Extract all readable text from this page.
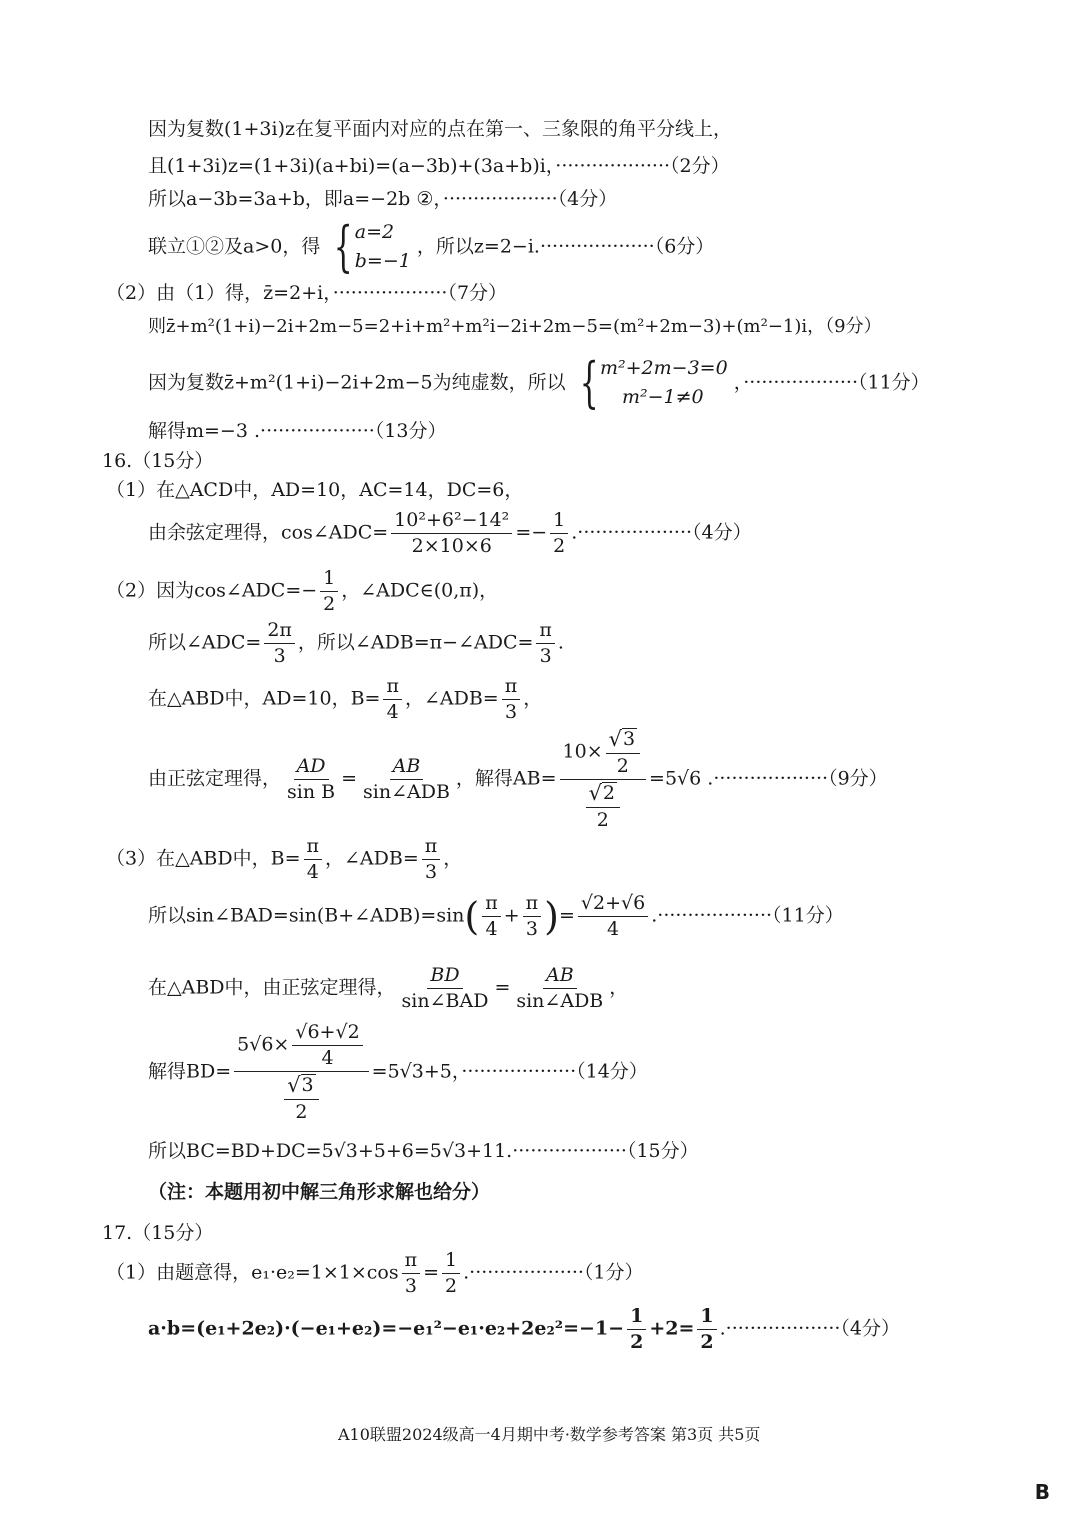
因为复数(1+3i)z在复平面内对应的点在第一、三象限的角平分线上，
且(1+3i)z=(1+3i)(a+bi)=(a−3b)+(3a+b)i，···················（2分）
所以a−3b=3a+b，即a=−2b ②，···················（4分）
联立①②及a>0，得 { a=2
b=−1
，所以z=2−i.···················（6分）
（2）由（1）得，z̄=2+i，···················（7分）
则z̄+m²(1+i)−2i+2m−5=2+i+m²+m²i−2i+2m−5=(m²+2m−3)+(m²−1)i，（9分）
因为复数z̄+m²(1+i)−2i+2m−5为纯虚数，所以 { m²+2m−3=0
m²−1≠0
，···················（11分）
解得m=−3 .···················（13分）
16.（15分）
（1）在△ACD中，AD=10，AC=14，DC=6，
由余弦定理得，cos∠ADC= $\frac{\text{10²+6²−14²}}{2\times 10\times 6} =- \frac{1}{2} .\cdot\cdot\cdot\cdot\cdot\cdot\cdot\cdot\cdot\cdot\cdot\cdot\cdot\cdot\cdot\cdot\cdot\cdot\cdot(4$分）
（2）因为cos∠ADC=− $\frac{1}{2}$ ，∠ADC∈(0,π)，
所以∠ADC= $\frac{2\pi}{3}$ ，所以∠ADB=π−∠ADC= $\frac{\pi}{3}$ .
在△ABD中，AD=10，$B= \frac{\pi}{4}$ ，∠ADB= $\frac{\pi}{3}$ ，
由正弦定理得， $\frac{AD}{\text{sin B}} = \frac{AB}{\text{sin∠ADB}}$ ，解得$AB= \frac{10\times \frac{√ 3}{2}}{\frac{√ 2}{2}} =5√6$ .···················（9分）
（3）在△ABD中，$B= \frac{\pi}{4}$ ，∠ADB= $\frac{\pi}{3}$ ，
所以sin∠BAD=sin(B+∠ADB)=sin( $\frac{\pi}{4} + \frac{\pi}{3}$ )= $\frac{√2+√6}{4} .\cdot\cdot\cdot\cdot\cdot\cdot\cdot\cdot\cdot\cdot\cdot\cdot\cdot\cdot\cdot\cdot\cdot\cdot\cdot(11$分）
在△ABD中，由正弦定理得， $\frac{BD}{\text{sin∠BAD}} = \frac{AB}{\text{sin∠ADB}}$ ，
解得$BD= \frac{5√6\times \frac{√6+√2}{4}}{\frac{√ 3}{2}} =5√3+5$，···················（14分）
所以BC=BD+DC=5√3+5+6=5√3+11.···················（15分）
（注：本题用初中解三角形求解也给分）
17.（15分）
（1）由题意得，$e_1\cdot e_2=1\times 1\times\cos \frac{\pi}{3} = \frac{1}{2} .\cdot\cdot\cdot\cdot\cdot\cdot\cdot\cdot\cdot\cdot\cdot\cdot\cdot\cdot\cdot\cdot\cdot\cdot\cdot(1$分）
$a\cdot b=(e_1+2e_2)\cdot(-e_1+e_2)=-e_1^2-e_1\cdot e_2+2e_2^2=-1- \frac{1}{2} +2= \frac{1}{2} .\cdot\cdot\cdot\cdot\cdot\cdot\cdot\cdot\cdot\cdot\cdot\cdot\cdot\cdot\cdot\cdot\cdot\cdot\cdot(4$分）
A10联盟2024级高一4月期中考·数学参考答案 第3页 共5页
B
